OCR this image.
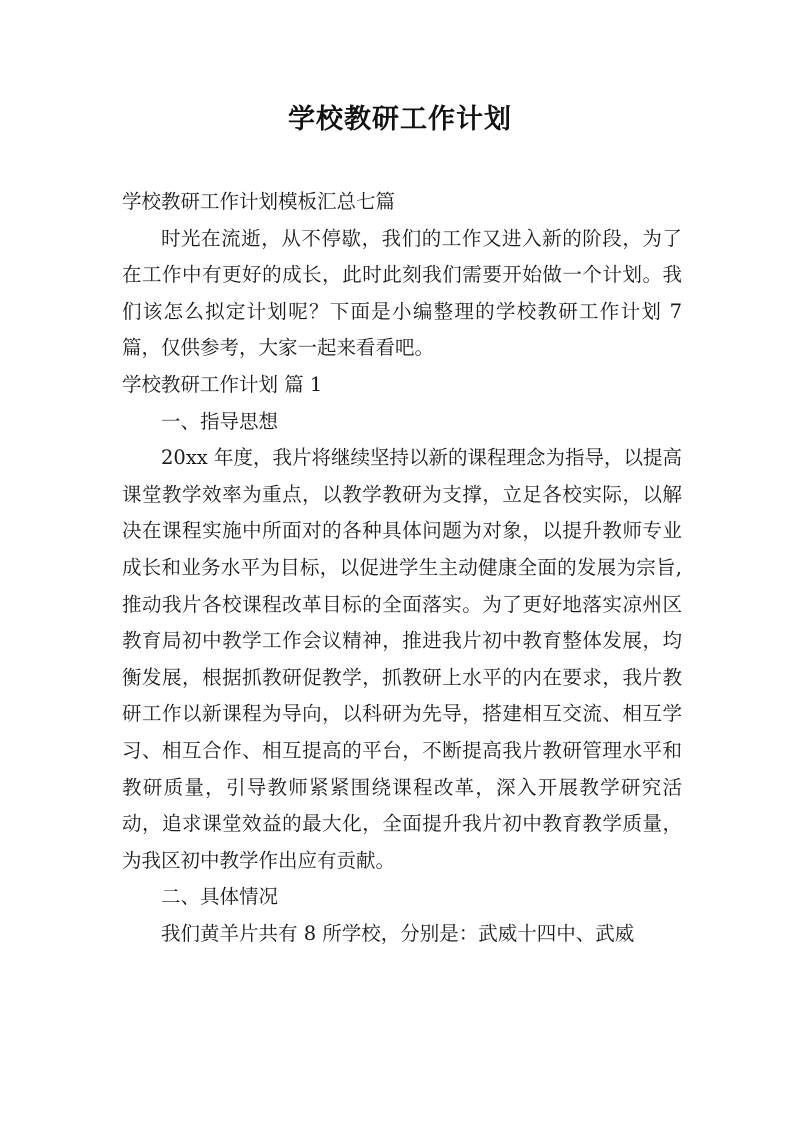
学校教研工作计划

学校教研工作计划模板汇总七篇

时光在流逝，从不停歇，我们的工作又进入新的阶段，为了在工作中有更好的成长，此时此刻我们需要开始做一个计划。我们该怎么拟定计划呢？下面是小编整理的学校教研工作计划 7 篇，仅供参考，大家一起来看看吧。

学校教研工作计划 篇 1

一、指导思想

20xx 年度，我片将继续坚持以新的课程理念为指导，以提高课堂教学效率为重点，以教学教研为支撑，立足各校实际，以解决在课程实施中所面对的各种具体问题为对象，以提升教师专业成长和业务水平为目标，以促进学生主动健康全面的发展为宗旨,推动我片各校课程改革目标的全面落实。为了更好地落实凉州区教育局初中教学工作会议精神，推进我片初中教育整体发展，均衡发展，根据抓教研促教学，抓教研上水平的内在要求，我片教研工作以新课程为导向，以科研为先导，搭建相互交流、相互学习、相互合作、相互提高的平台，不断提高我片教研管理水平和教研质量，引导教师紧紧围绕课程改革，深入开展教学研究活动，追求课堂效益的最大化，全面提升我片初中教育教学质量，为我区初中教学作出应有贡献。

二、具体情况

我们黄羊片共有 8 所学校，分别是：武威十四中、武威
